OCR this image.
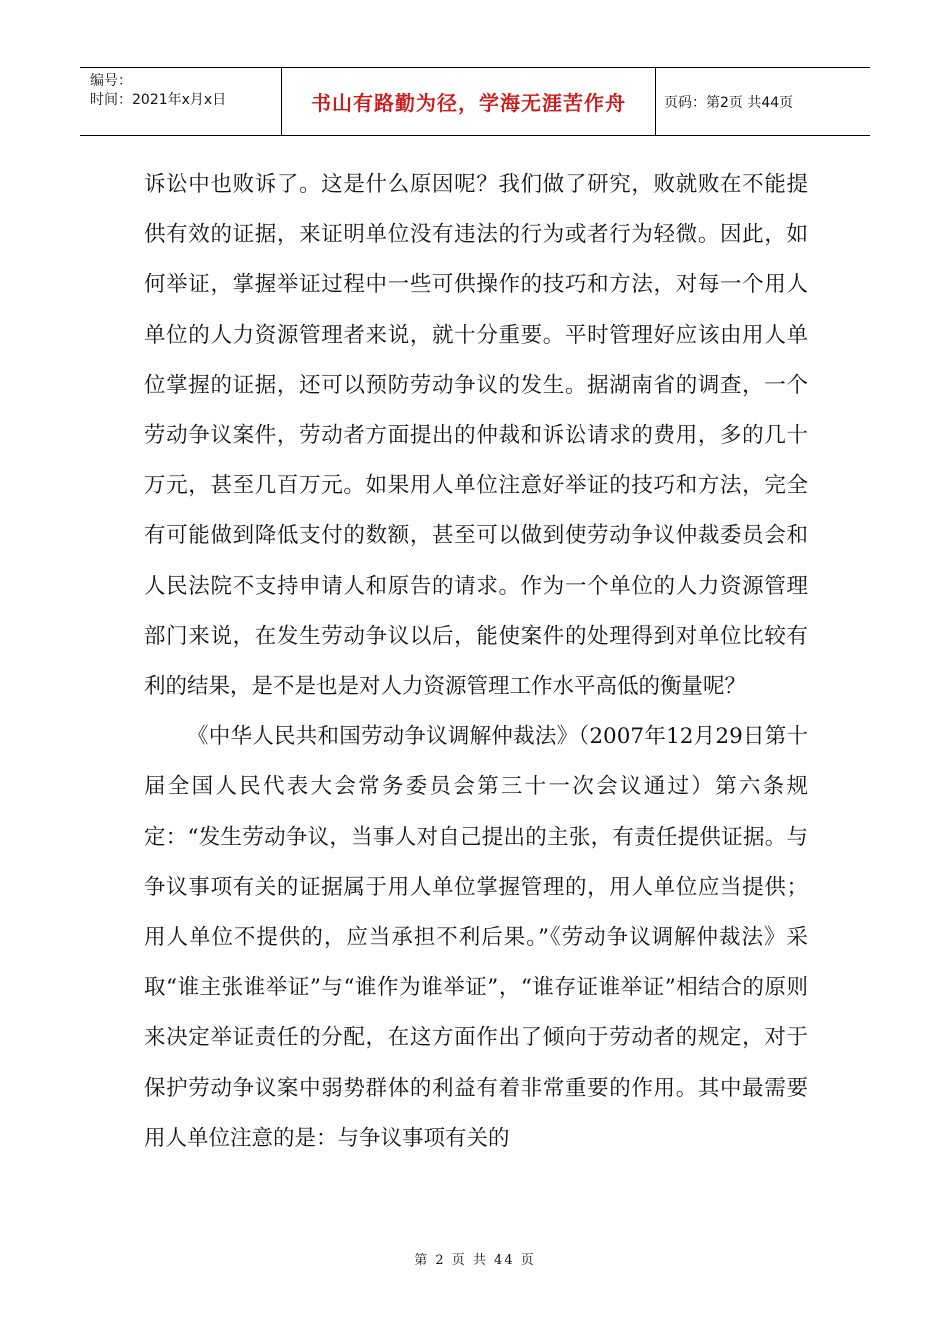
编号：
时间：2021年x月x日	书山有路勤为径，学海无涯苦作舟	页码：第2页 共44页

诉讼中也败诉了。这是什么原因呢？我们做了研究，败就败在不能提供有效的证据，来证明单位没有违法的行为或者行为轻微。因此，如何举证，掌握举证过程中一些可供操作的技巧和方法，对每一个用人单位的人力资源管理者来说，就十分重要。平时管理好应该由用人单位掌握的证据，还可以预防劳动争议的发生。据湖南省的调查，一个劳动争议案件，劳动者方面提出的仲裁和诉讼请求的费用，多的几十万元，甚至几百万元。如果用人单位注意好举证的技巧和方法，完全有可能做到降低支付的数额，甚至可以做到使劳动争议仲裁委员会和人民法院不支持申请人和原告的请求。作为一个单位的人力资源管理部门来说，在发生劳动争议以后，能使案件的处理得到对单位比较有利的结果，是不是也是对人力资源管理工作水平高低的衡量呢？

《中华人民共和国劳动争议调解仲裁法》（2007年12月29日第十届全国人民代表大会常务委员会第三十一次会议通过）第六条规定：“发生劳动争议，当事人对自己提出的主张，有责任提供证据。与争议事项有关的证据属于用人单位掌握管理的，用人单位应当提供；用人单位不提供的，应当承担不利后果。”《劳动争议调解仲裁法》采取“谁主张谁举证”与“谁作为谁举证”，“谁存证谁举证”相结合的原则来决定举证责任的分配，在这方面作出了倾向于劳动者的规定，对于保护劳动争议案中弱势群体的利益有着非常重要的作用。其中最需要用人单位注意的是：与争议事项有关的

第 2 页 共 44 页
